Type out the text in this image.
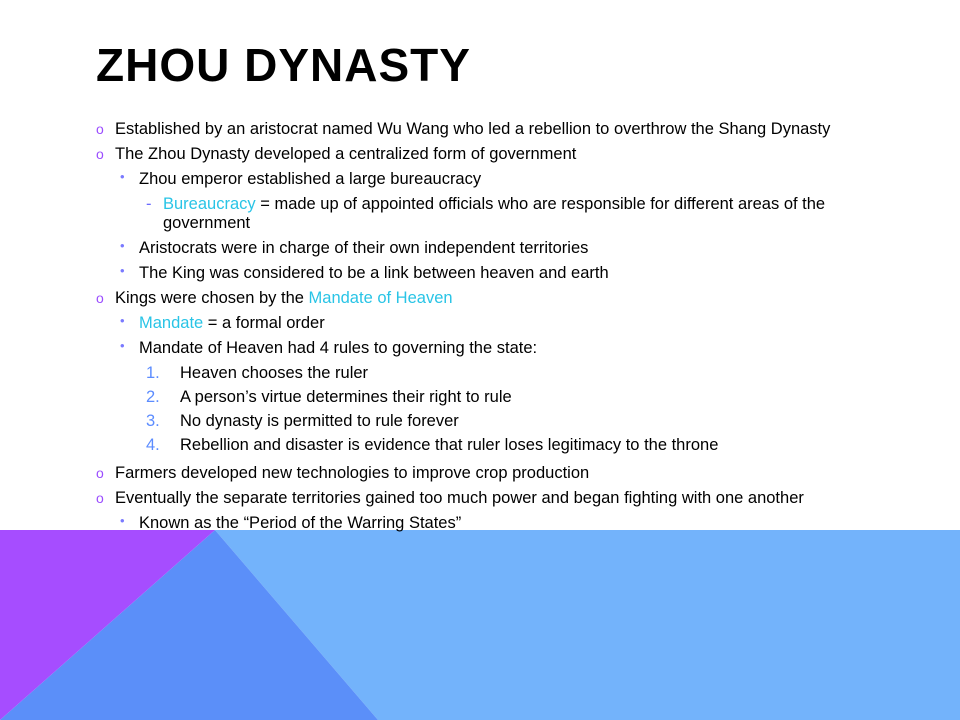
ZHOU DYNASTY
o Established by an aristocrat named Wu Wang who led a rebellion to overthrow the Shang Dynasty
o The Zhou Dynasty developed a centralized form of government
• Zhou emperor established a large bureaucracy
- Bureaucracy = made up of appointed officials who are responsible for different areas of the government
• Aristocrats were in charge of their own independent territories
• The King was considered to be a link between heaven and earth
o Kings were chosen by the Mandate of Heaven
• Mandate = a formal order
• Mandate of Heaven had 4 rules to governing the state:
1.	Heaven chooses the ruler
2.	A person’s virtue determines their right to rule
3.	No dynasty is permitted to rule forever
4.	Rebellion and disaster is evidence that ruler loses legitimacy to the throne
o Farmers developed new technologies to improve crop production
o Eventually the separate territories gained too much power and began fighting with one another
• Known as the “Period of the Warring States”
